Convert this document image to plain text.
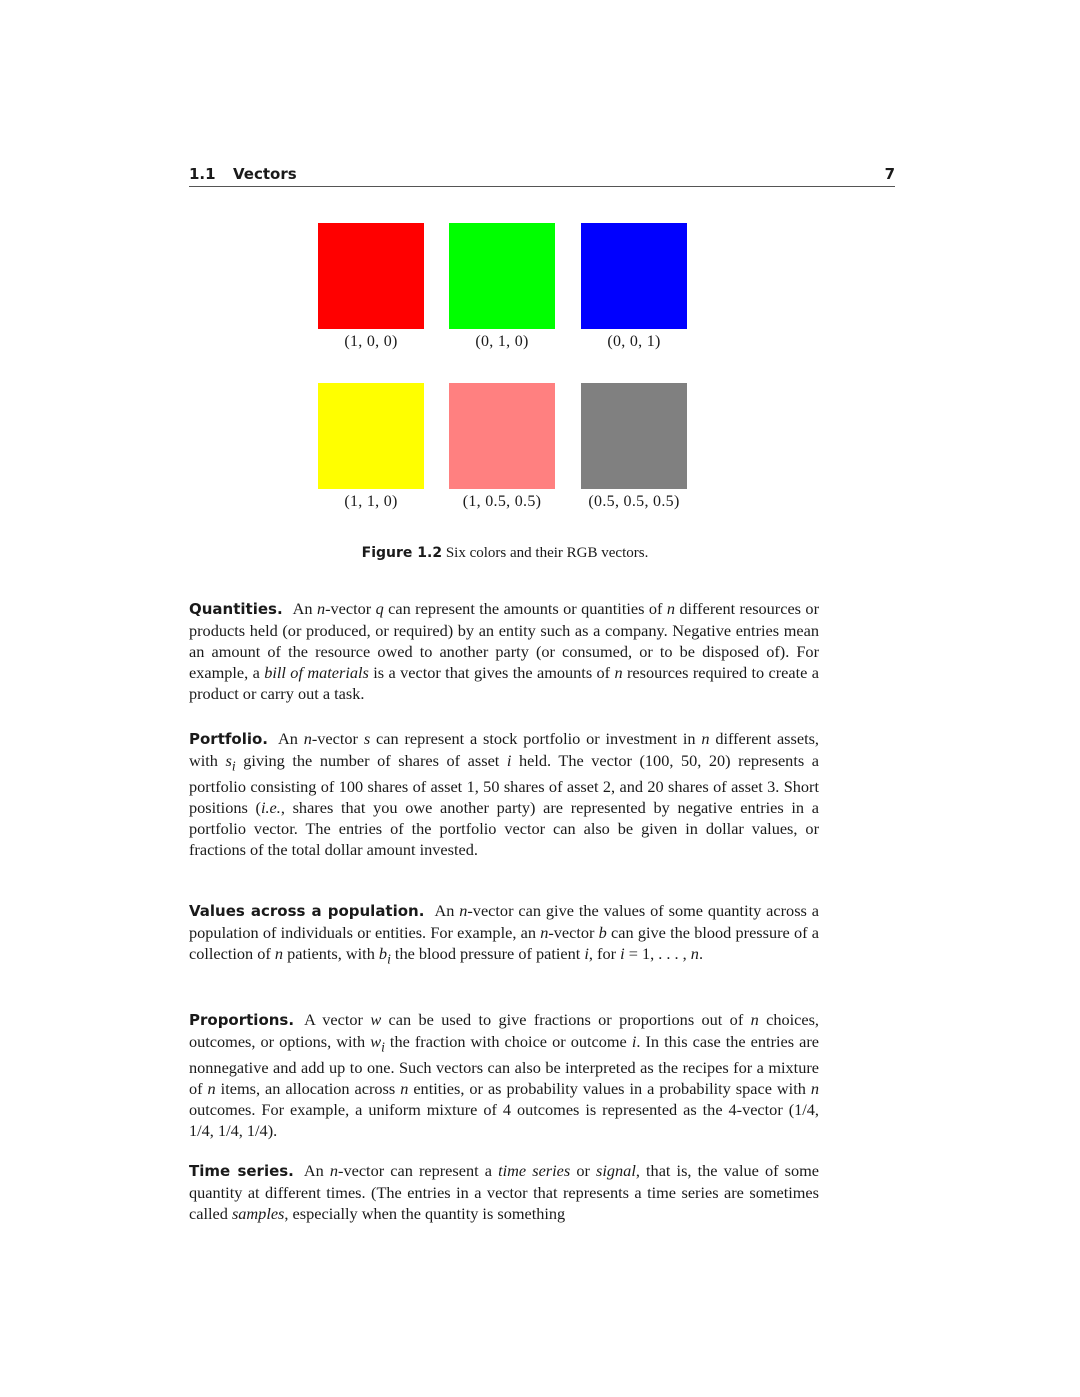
1.1 Vectors	7
(1, 0, 0)	(0, 1, 0)	(0, 0, 1)
(1, 1, 0)	(1, 0.5, 0.5)	(0.5, 0.5, 0.5)
Figure 1.2 Six colors and their RGB vectors.
Quantities. An n-vector q can represent the amounts or quantities of n different resources or products held (or produced, or required) by an entity such as a company. Negative entries mean an amount of the resource owed to another party (or consumed, or to be disposed of). For example, a bill of materials is a vector that gives the amounts of n resources required to create a product or carry out a task.
Portfolio. An n-vector s can represent a stock portfolio or investment in n different assets, with $s_i$ giving the number of shares of asset i held. The vector (100, 50, 20) represents a portfolio consisting of 100 shares of asset 1, 50 shares of asset 2, and 20 shares of asset 3. Short positions (i.e., shares that you owe another party) are represented by negative entries in a portfolio vector. The entries of the portfolio vector can also be given in dollar values, or fractions of the total dollar amount invested.
Values across a population. An n-vector can give the values of some quantity across a population of individuals or entities. For example, an n-vector b can give the blood pressure of a collection of n patients, with $b_i$ the blood pressure of patient i, for i = 1, . . . , n.
Proportions. A vector w can be used to give fractions or proportions out of n choices, outcomes, or options, with $w_i$ the fraction with choice or outcome i. In this case the entries are nonnegative and add up to one. Such vectors can also be interpreted as the recipes for a mixture of n items, an allocation across n entities, or as probability values in a probability space with n outcomes. For example, a uniform mixture of 4 outcomes is represented as the 4-vector (1/4, 1/4, 1/4, 1/4).
Time series. An n-vector can represent a time series or signal, that is, the value of some quantity at different times. (The entries in a vector that represents a time series are sometimes called samples, especially when the quantity is something
